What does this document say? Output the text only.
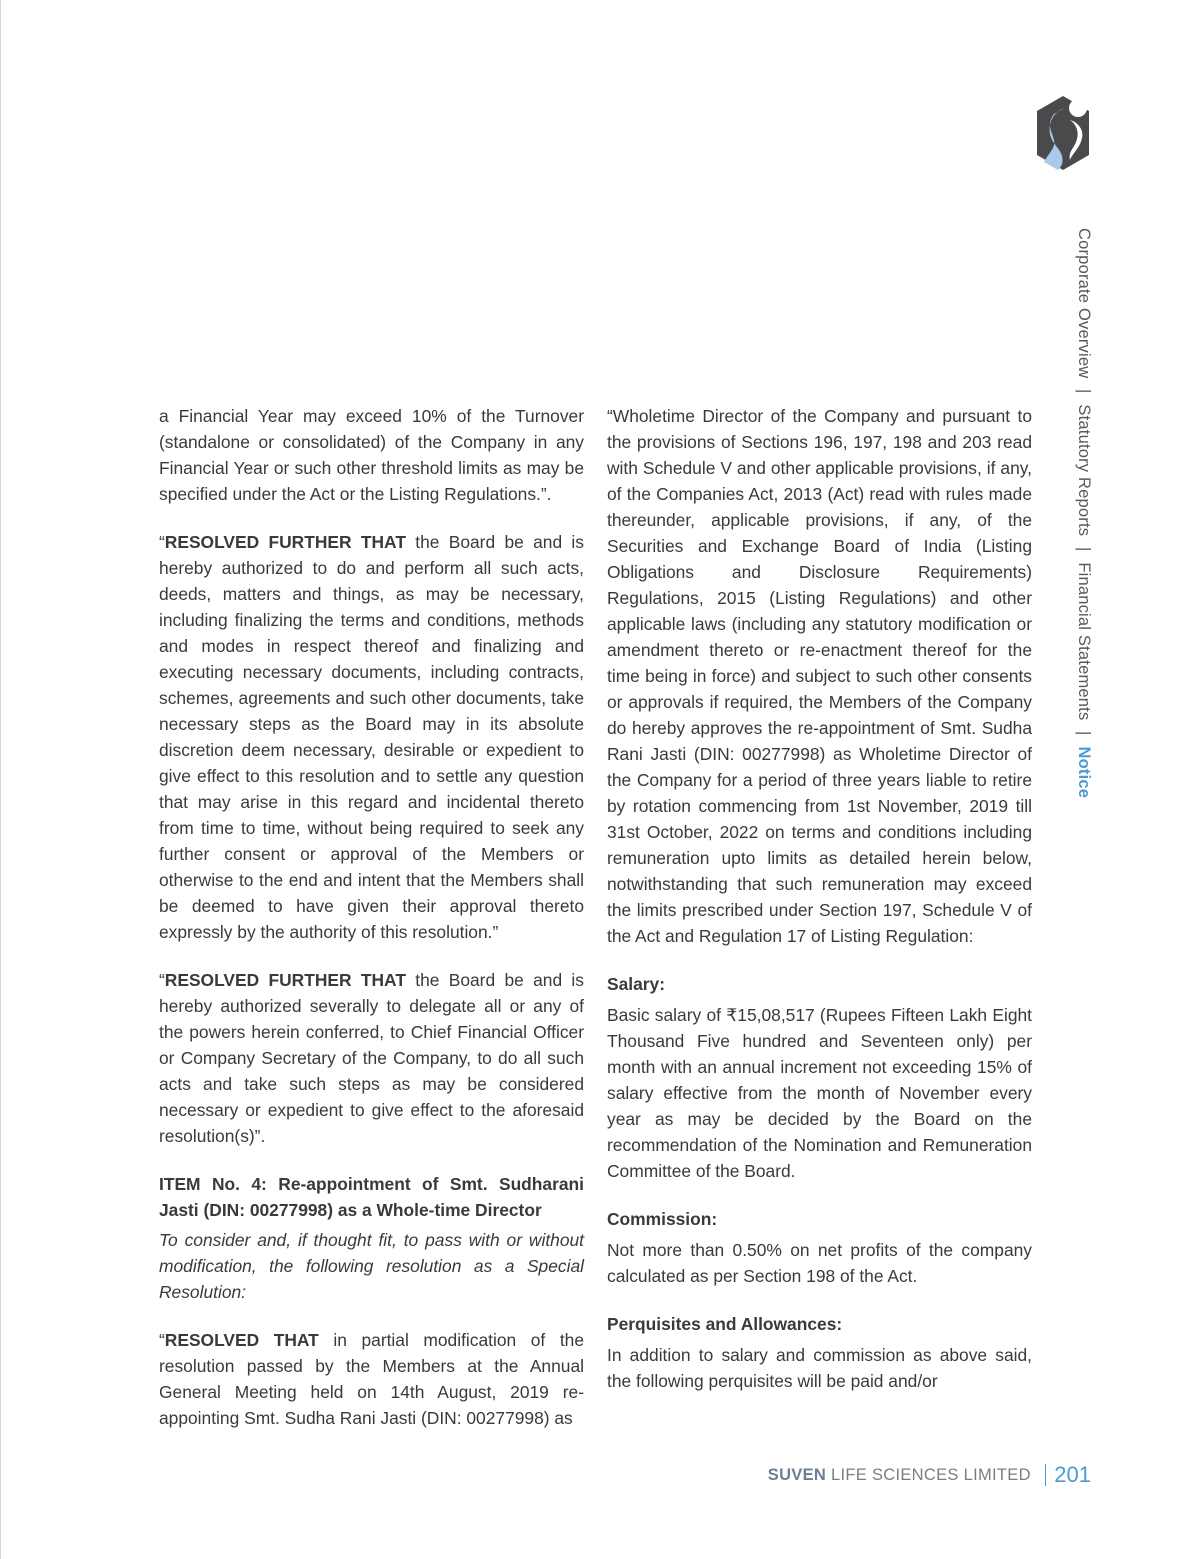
Corporate Overview | Statutory Reports | Financial Statements | Notice

a Financial Year may exceed 10% of the Turnover (standalone or consolidated) of the Company in any Financial Year or such other threshold limits as may be specified under the Act or the Listing Regulations.”.

“RESOLVED FURTHER THAT the Board be and is hereby authorized to do and perform all such acts, deeds, matters and things, as may be necessary, including finalizing the terms and conditions, methods and modes in respect thereof and finalizing and executing necessary documents, including contracts, schemes, agreements and such other documents, take necessary steps as the Board may in its absolute discretion deem necessary, desirable or expedient to give effect to this resolution and to settle any question that may arise in this regard and incidental thereto from time to time, without being required to seek any further consent or approval of the Members or otherwise to the end and intent that the Members shall be deemed to have given their approval thereto expressly by the authority of this resolution.”

“RESOLVED FURTHER THAT the Board be and is hereby authorized severally to delegate all or any of the powers herein conferred, to Chief Financial Officer or Company Secretary of the Company, to do all such acts and take such steps as may be considered necessary or expedient to give effect to the aforesaid resolution(s)”.

ITEM No. 4: Re-appointment of Smt. Sudharani Jasti (DIN: 00277998) as a Whole-time Director

To consider and, if thought fit, to pass with or without modification, the following resolution as a Special Resolution:

“RESOLVED THAT in partial modification of the resolution passed by the Members at the Annual General Meeting held on 14th August, 2019 re-appointing Smt. Sudha Rani Jasti (DIN: 00277998) as

“Wholetime Director of the Company and pursuant to the provisions of Sections 196, 197, 198 and 203 read with Schedule V and other applicable provisions, if any, of the Companies Act, 2013 (Act) read with rules made thereunder, applicable provisions, if any, of the Securities and Exchange Board of India (Listing Obligations and Disclosure Requirements) Regulations, 2015 (Listing Regulations) and other applicable laws (including any statutory modification or amendment thereto or re-enactment thereof for the time being in force) and subject to such other consents or approvals if required, the Members of the Company do hereby approves the re-appointment of Smt. Sudha Rani Jasti (DIN: 00277998) as Wholetime Director of the Company for a period of three years liable to retire by rotation commencing from 1st November, 2019 till 31st October, 2022 on terms and conditions including remuneration upto limits as detailed herein below, notwithstanding that such remuneration may exceed the limits prescribed under Section 197, Schedule V of the Act and Regulation 17 of Listing Regulation:

Salary:

Basic salary of ₹15,08,517 (Rupees Fifteen Lakh Eight Thousand Five hundred and Seventeen only) per month with an annual increment not exceeding 15% of salary effective from the month of November every year as may be decided by the Board on the recommendation of the Nomination and Remuneration Committee of the Board.

Commission:

Not more than 0.50% on net profits of the company calculated as per Section 198 of the Act.

Perquisites and Allowances:

In addition to salary and commission as above said, the following perquisites will be paid and/or

SUVEN LIFE SCIENCES LIMITED 201
